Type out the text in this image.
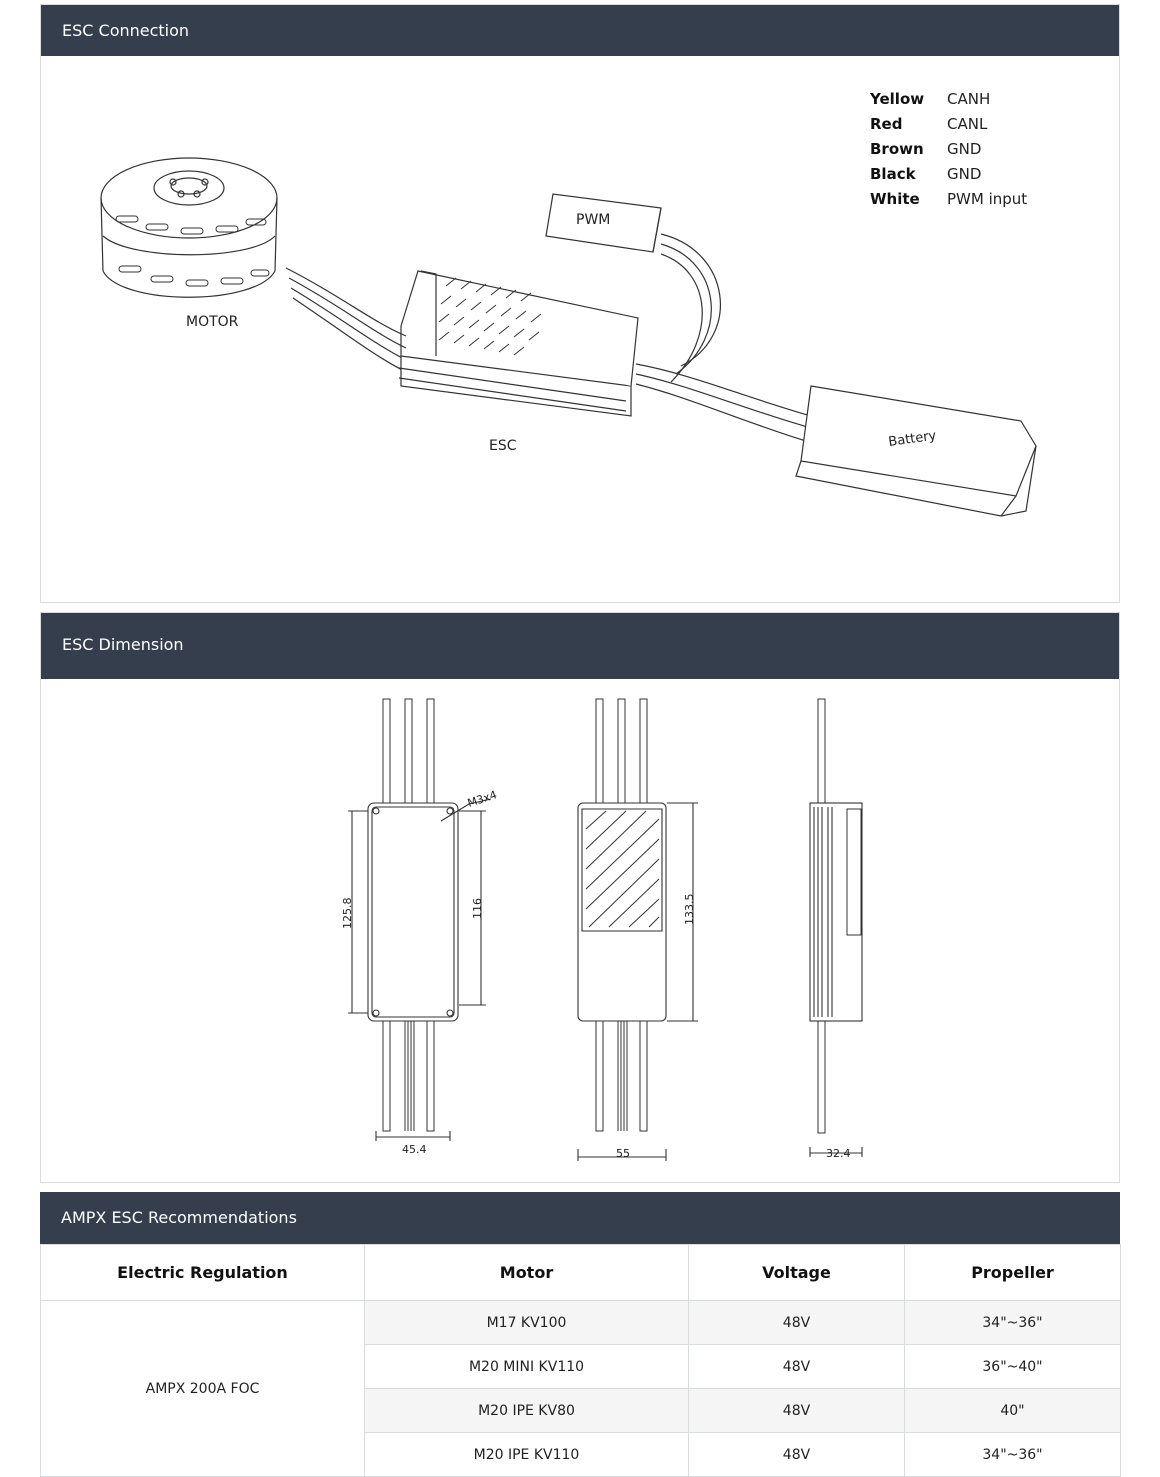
ESC Connection
MOTOR
ESC
PWM
Battery
Yellow	CANH
Red	CANL
Brown	GND
Black	GND
White	PWM input
ESC Dimension
M3x4
125.8	116
45.4
133.5
55	32.4
AMPX ESC Recommendations
Electric Regulation	Motor	Voltage	Propeller
AMPX 200A FOC	M17 KV100	48V	34"~36"
	M20 MINI KV110	48V	36"~40"
	M20 IPE KV80	48V	40"
	M20 IPE KV110	48V	34"~36"
